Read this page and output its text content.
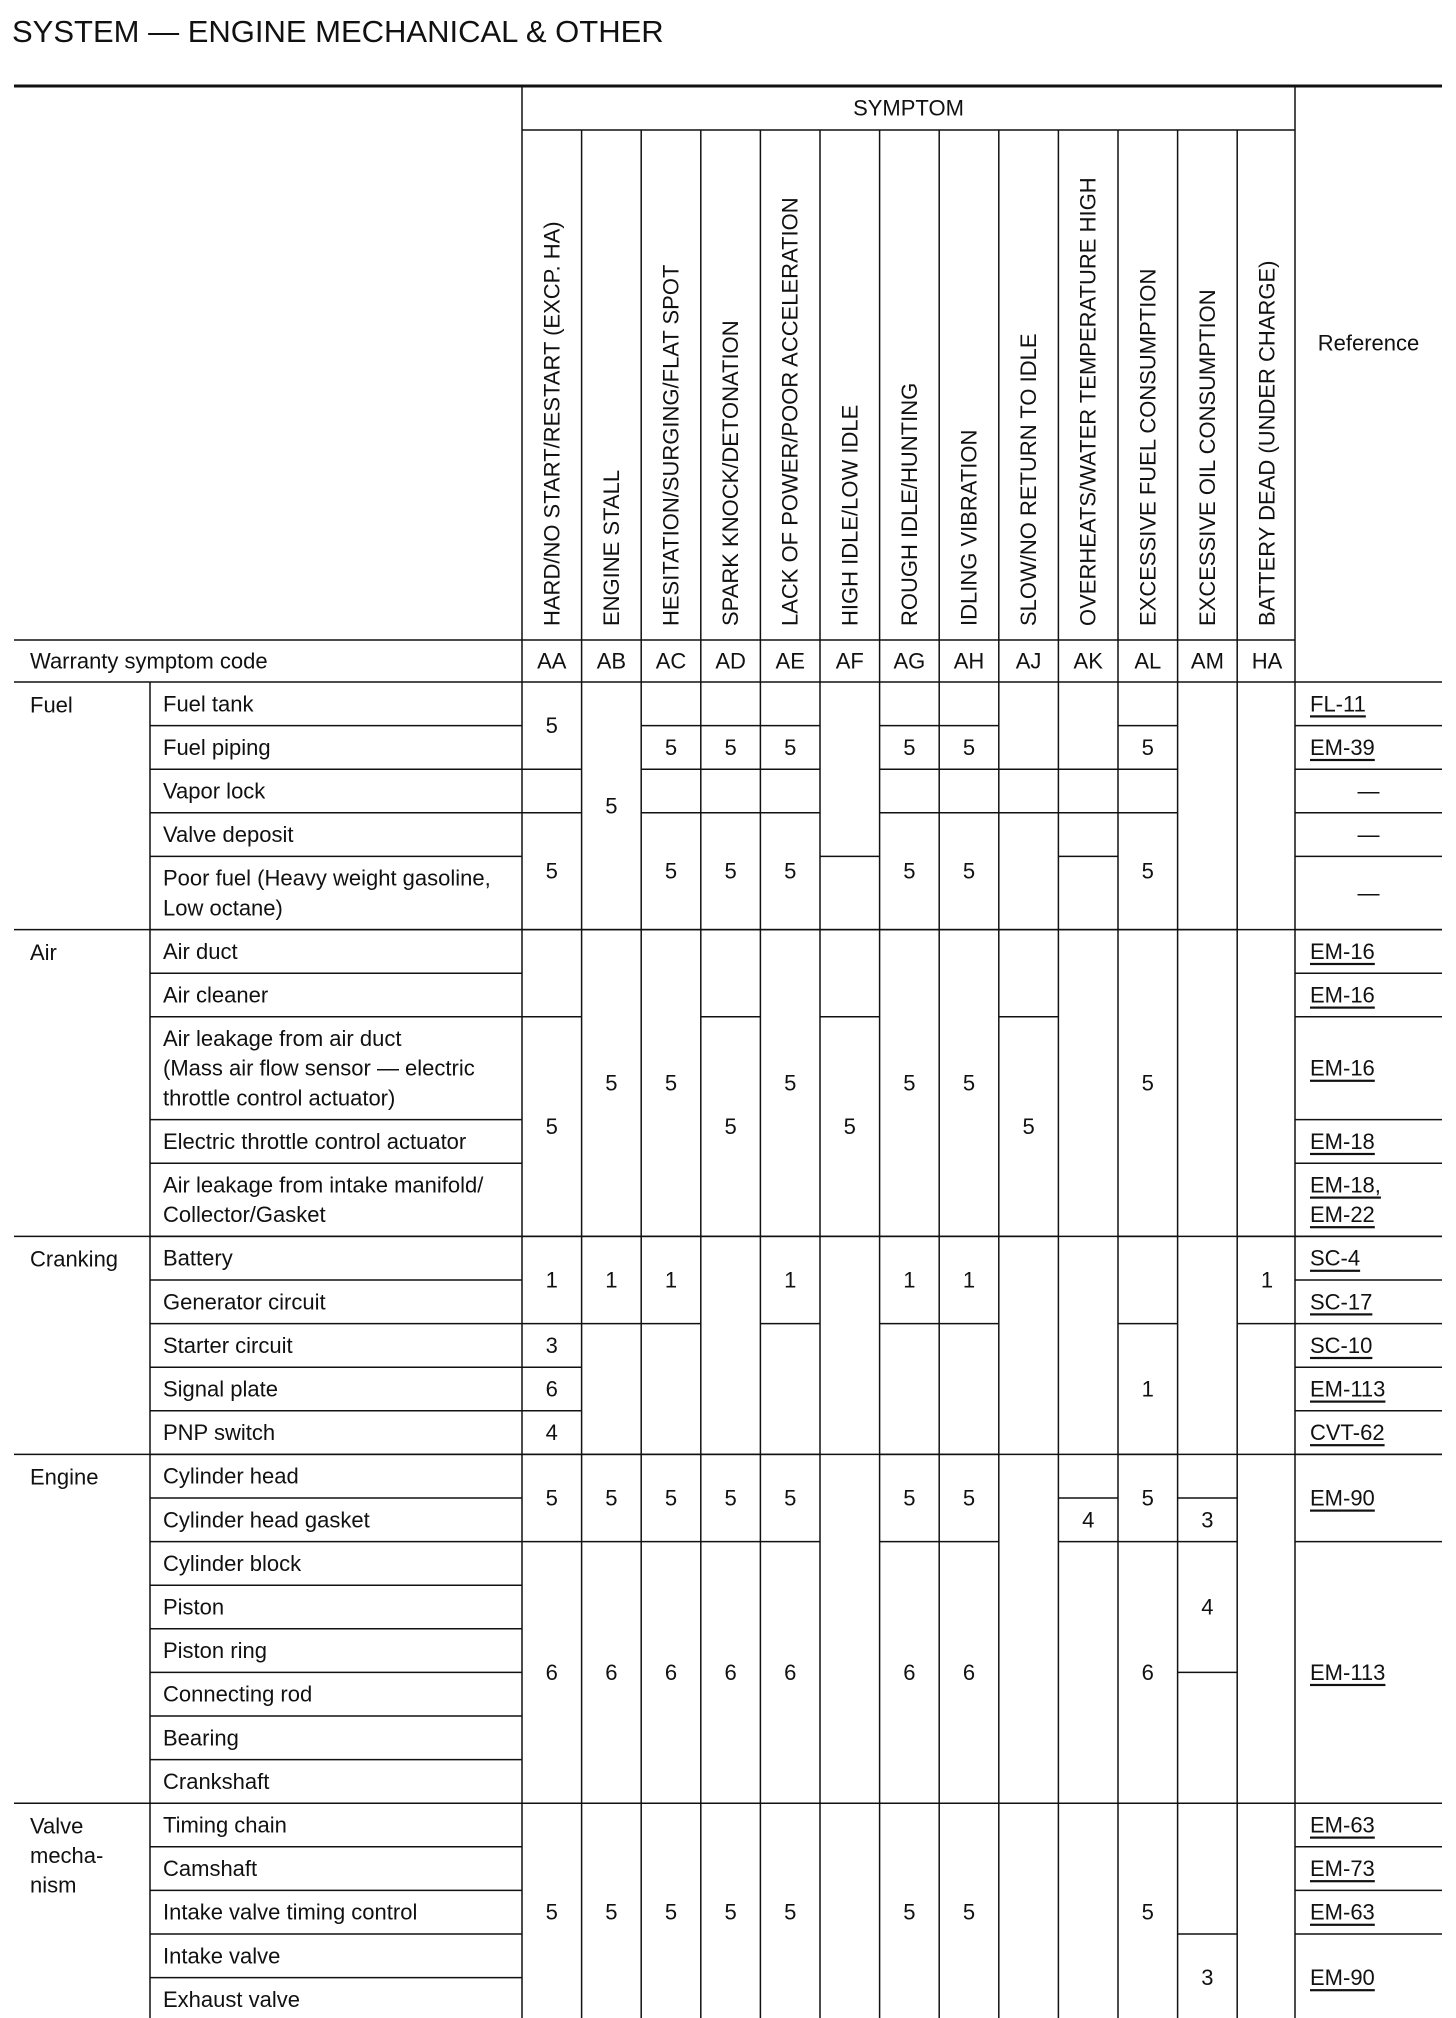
SYSTEM — ENGINE MECHANICAL & OTHER
SYMPTOM
Reference
Warranty symptom code
HARD/NO START/RESTART (EXCP. HA)
AA
ENGINE STALL
AB
HESITATION/SURGING/FLAT SPOT
AC
SPARK KNOCK/DETONATION
AD
LACK OF POWER/POOR ACCELERATION
AE
HIGH IDLE/LOW IDLE
AF
ROUGH IDLE/HUNTING
AG
IDLING VIBRATION
AH
SLOW/NO RETURN TO IDLE
AJ
OVERHEATS/WATER TEMPERATURE HIGH
AK
EXCESSIVE FUEL CONSUMPTION
AL
EXCESSIVE OIL CONSUMPTION
AM
BATTERY DEAD (UNDER CHARGE)
HA
Fuel
Air
Cranking
Engine
Valve
mecha-
nism
Fuel tank
Fuel piping
Vapor lock
Valve deposit
Poor fuel (Heavy weight gasoline,
Low octane)
Air duct
Air cleaner
Air leakage from air duct
(Mass air flow sensor — electric
throttle control actuator)
Electric throttle control actuator
Air leakage from intake manifold/
Collector/Gasket
Battery
Generator circuit
Starter circuit
Signal plate
PNP switch
Cylinder head
Cylinder head gasket
Cylinder block
Piston
Piston ring
Connecting rod
Bearing
Crankshaft
Timing chain
Camshaft
Intake valve timing control
Intake valve
Exhaust valve
5
5
5
1
3
6
4
5
6
5
5
5
1
5
6
5
5
5
5
1
5
6
5
5
5
5
5
6
5
5
5
5
1
5
6
5
5
5
5
5
1
5
6
5
5
5
5
1
5
6
5
5
4
5
5
5
1
5
6
5
3
4
3
1
FL-11
EM-39
—
—
—
EM-16
EM-16
EM-16
EM-18
EM-18,
EM-22
SC-4
SC-17
SC-10
EM-113
CVT-62
EM-90
EM-113
EM-63
EM-73
EM-63
EM-90
